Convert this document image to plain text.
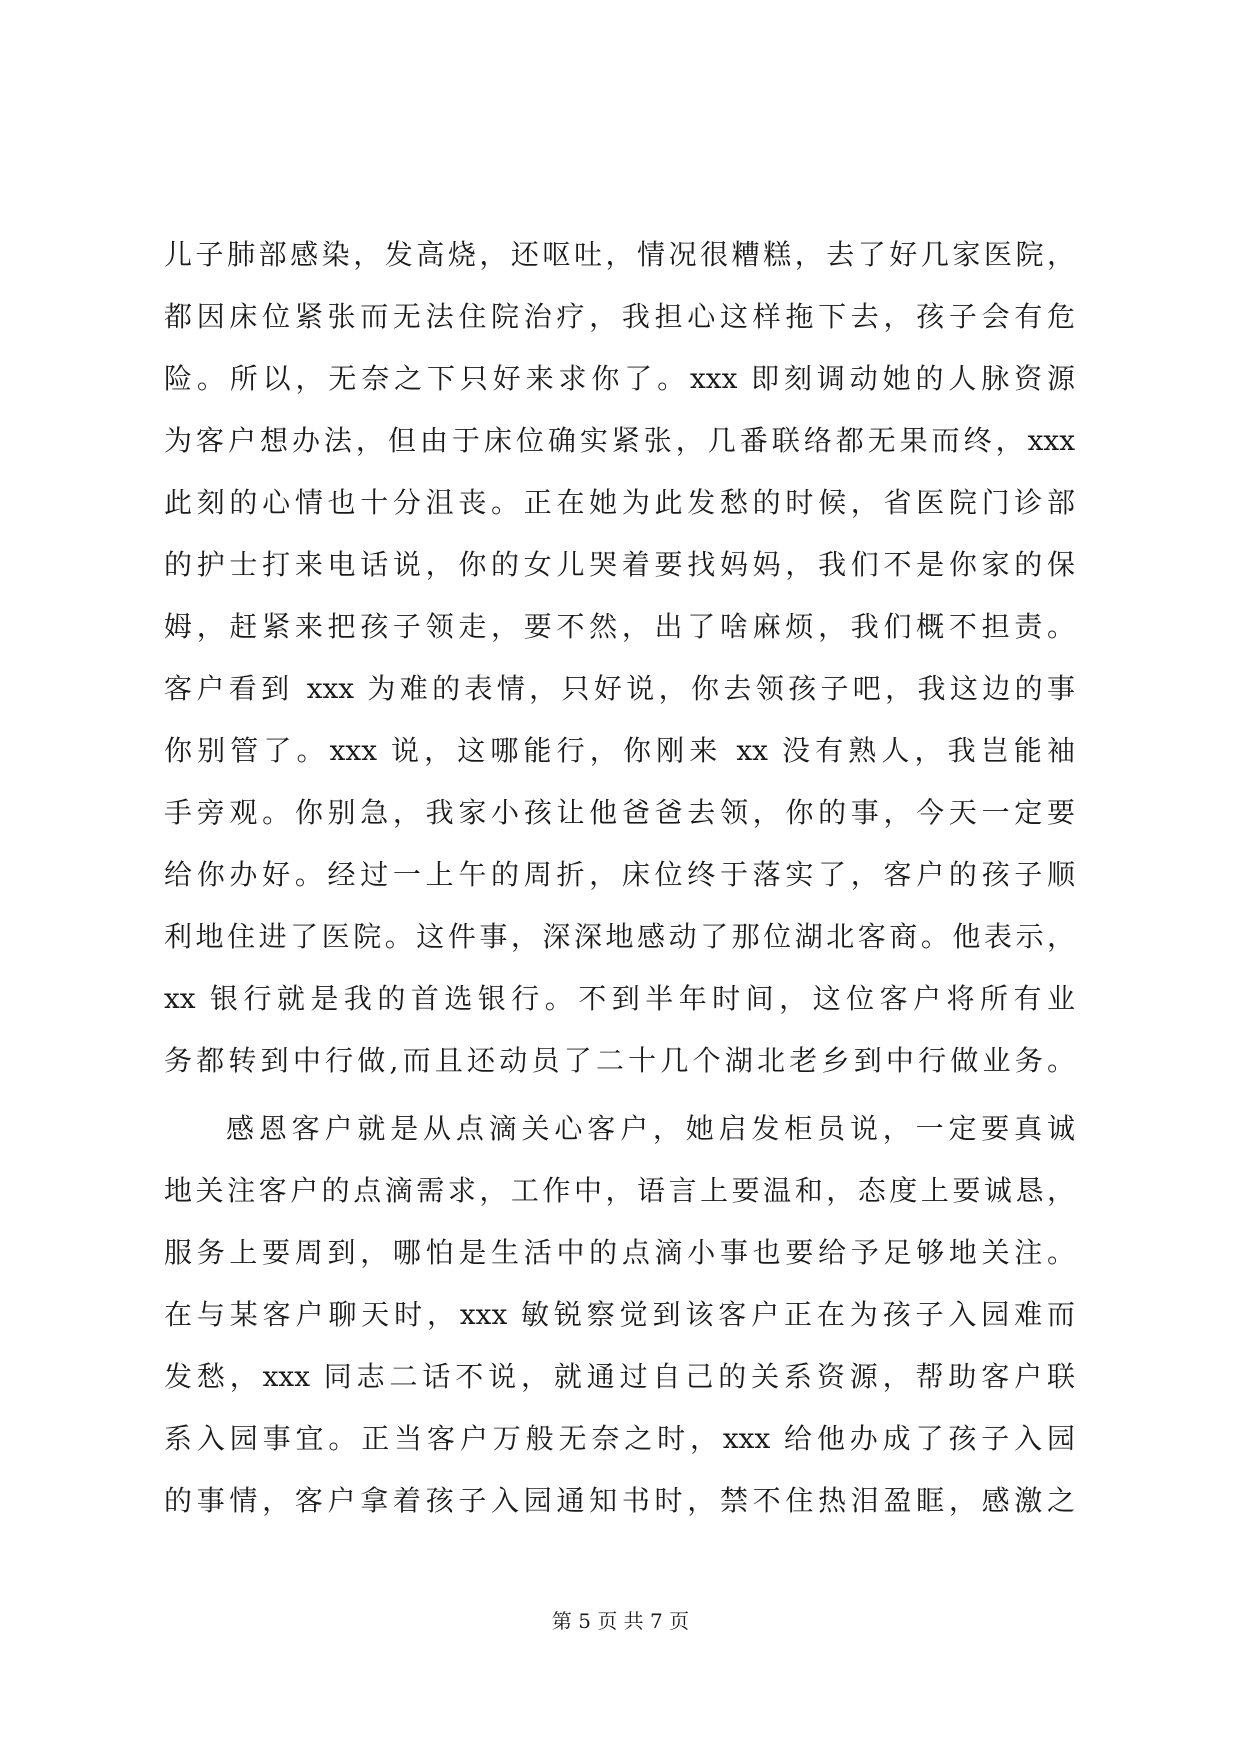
儿子肺部感染，发高烧，还呕吐，情况很糟糕，去了好几家医院，
都因床位紧张而无法住院治疗，我担心这样拖下去，孩子会有危
险。所以，无奈之下只好来求你了。xxx 即刻调动她的人脉资源
为客户想办法，但由于床位确实紧张，几番联络都无果而终，xxx
此刻的心情也十分沮丧。正在她为此发愁的时候，省医院门诊部
的护士打来电话说，你的女儿哭着要找妈妈，我们不是你家的保
姆，赶紧来把孩子领走，要不然，出了啥麻烦，我们概不担责。
客户看到 xxx 为难的表情，只好说，你去领孩子吧，我这边的事
你别管了。xxx 说，这哪能行，你刚来 xx 没有熟人，我岂能袖
手旁观。你别急，我家小孩让他爸爸去领，你的事，今天一定要
给你办好。经过一上午的周折，床位终于落实了，客户的孩子顺
利地住进了医院。这件事，深深地感动了那位湖北客商。他表示，
xx 银行就是我的首选银行。不到半年时间，这位客户将所有业
务都转到中行做,而且还动员了二十几个湖北老乡到中行做业务。
感恩客户就是从点滴关心客户，她启发柜员说，一定要真诚
地关注客户的点滴需求，工作中，语言上要温和，态度上要诚恳，
服务上要周到，哪怕是生活中的点滴小事也要给予足够地关注。
在与某客户聊天时，xxx 敏锐察觉到该客户正在为孩子入园难而
发愁，xxx 同志二话不说，就通过自己的关系资源，帮助客户联
系入园事宜。正当客户万般无奈之时，xxx 给他办成了孩子入园
的事情，客户拿着孩子入园通知书时，禁不住热泪盈眶，感激之
第 5 页 共 7 页
